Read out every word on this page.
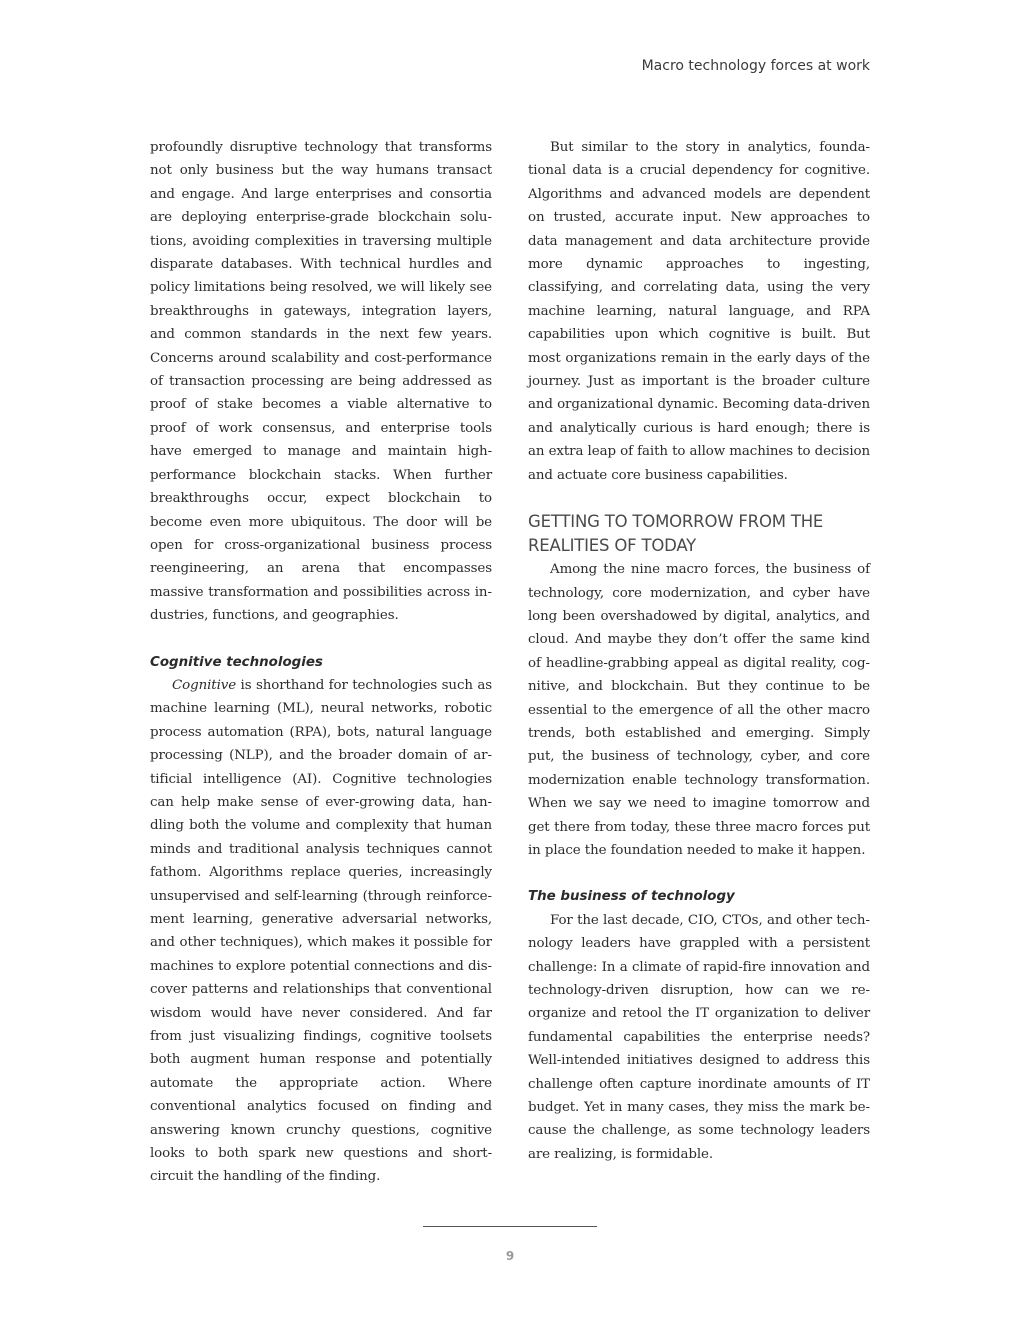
Macro technology forces at work

profoundly disruptive technology that transforms not only business but the way humans transact and engage. And large enterprises and consortia are deploying enterprise-grade blockchain solutions, avoiding complexities in traversing multiple disparate databases. With technical hurdles and policy limitations being resolved, we will likely see breakthroughs in gateways, integration layers, and common standards in the next few years. Concerns around scalability and cost-performance of transaction processing are being addressed as proof of stake becomes a viable alternative to proof of work consensus, and enterprise tools have emerged to manage and maintain high-performance blockchain stacks. When further breakthroughs occur, expect blockchain to become even more ubiquitous. The door will be open for cross-organizational business process reengineering, an arena that encompasses massive transformation and possibilities across industries, functions, and geographies.

Cognitive technologies

Cognitive is shorthand for technologies such as machine learning (ML), neural networks, robotic process automation (RPA), bots, natural language processing (NLP), and the broader domain of artificial intelligence (AI). Cognitive technologies can help make sense of ever-growing data, handling both the volume and complexity that human minds and traditional analysis techniques cannot fathom. Algorithms replace queries, increasingly unsupervised and self-learning (through reinforcement learning, generative adversarial networks, and other techniques), which makes it possible for machines to explore potential connections and discover patterns and relationships that conventional wisdom would have never considered. And far from just visualizing findings, cognitive toolsets both augment human response and potentially automate the appropriate action. Where conventional analytics focused on finding and answering known crunchy questions, cognitive looks to both spark new questions and short-circuit the handling of the finding.

But similar to the story in analytics, foundational data is a crucial dependency for cognitive. Algorithms and advanced models are dependent on trusted, accurate input. New approaches to data management and data architecture provide more dynamic approaches to ingesting, classifying, and correlating data, using the very machine learning, natural language, and RPA capabilities upon which cognitive is built. But most organizations remain in the early days of the journey. Just as important is the broader culture and organizational dynamic. Becoming data-driven and analytically curious is hard enough; there is an extra leap of faith to allow machines to decision and actuate core business capabilities.

GETTING TO TOMORROW FROM THE REALITIES OF TODAY

Among the nine macro forces, the business of technology, core modernization, and cyber have long been overshadowed by digital, analytics, and cloud. And maybe they don’t offer the same kind of headline-grabbing appeal as digital reality, cognitive, and blockchain. But they continue to be essential to the emergence of all the other macro trends, both established and emerging. Simply put, the business of technology, cyber, and core modernization enable technology transformation. When we say we need to imagine tomorrow and get there from today, these three macro forces put in place the foundation needed to make it happen.

The business of technology

For the last decade, CIO, CTOs, and other technology leaders have grappled with a persistent challenge: In a climate of rapid-fire innovation and technology-driven disruption, how can we reorganize and retool the IT organization to deliver fundamental capabilities the enterprise needs? Well-intended initiatives designed to address this challenge often capture inordinate amounts of IT budget. Yet in many cases, they miss the mark because the challenge, as some technology leaders are realizing, is formidable.

9
